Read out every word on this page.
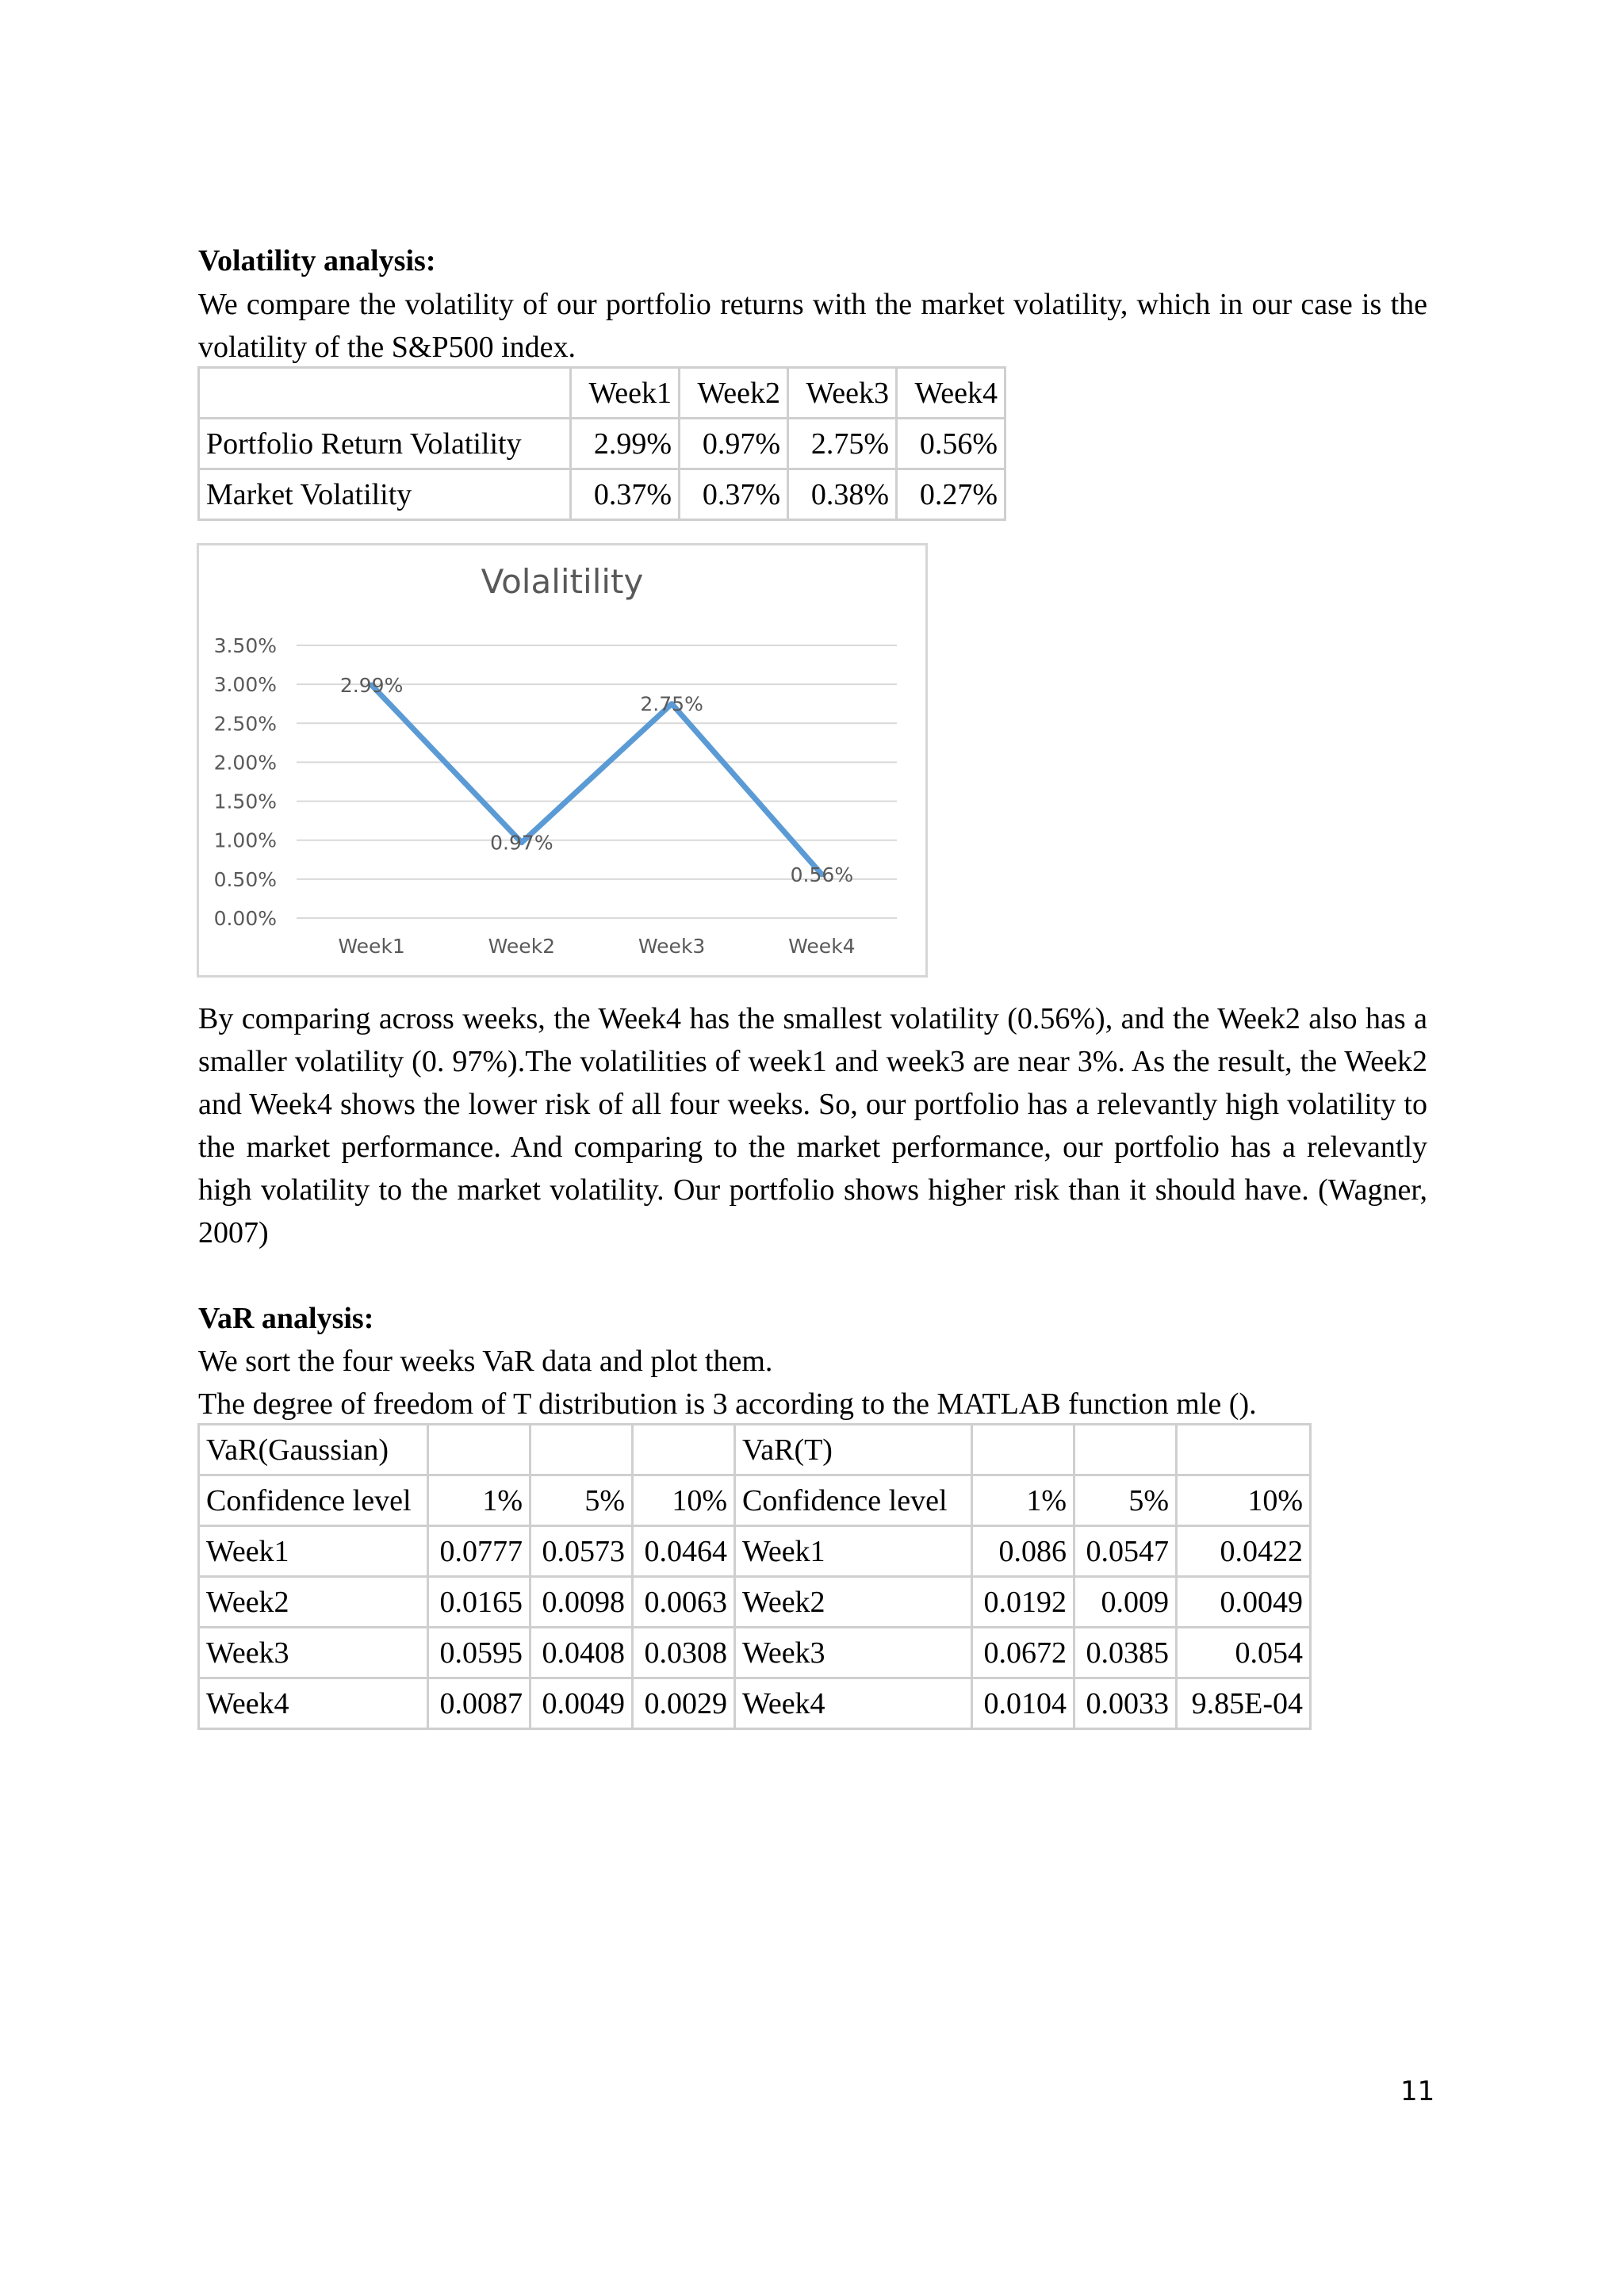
Volatility analysis:

We compare the volatility of our portfolio returns with the market volatility, which in our case is the volatility of the S&P500 index.

	Week1	Week2	Week3	Week4
Portfolio Return Volatility	2.99%	0.97%	2.75%	0.56%
Market Volatility	0.37%	0.37%	0.38%	0.27%
0.00%
0.50%
1.00%
1.50%
2.00%
2.50%
3.00%
3.50%
Week1	Week2	Week3	Week4
2.99%
0.97%
2.75%
0.56%
Volalitility

By comparing across weeks, the Week4 has the smallest volatility (0.56%), and the Week2 also has a smaller volatility (0. 97%).The volatilities of week1 and week3 are near 3%. As the result, the Week2 and Week4 shows the lower risk of all four weeks. So, our portfolio has a relevantly high volatility to the market performance. And comparing to the market performance, our portfolio has a relevantly high volatility to the market volatility. Our portfolio shows higher risk than it should have. (Wagner, 2007)

VaR analysis:

We sort the four weeks VaR data and plot them.

The degree of freedom of T distribution is 3 according to the MATLAB function mle ().

VaR(Gaussian)				VaR(T)			
Confidence level	1%	5%	10%	Confidence level	1%	5%	10%
Week1	0.0777	0.0573	0.0464	Week1	0.086	0.0547	0.0422
Week2	0.0165	0.0098	0.0063	Week2	0.0192	0.009	0.0049
Week3	0.0595	0.0408	0.0308	Week3	0.0672	0.0385	0.054
Week4	0.0087	0.0049	0.0029	Week4	0.0104	0.0033	9.85E-04
11
